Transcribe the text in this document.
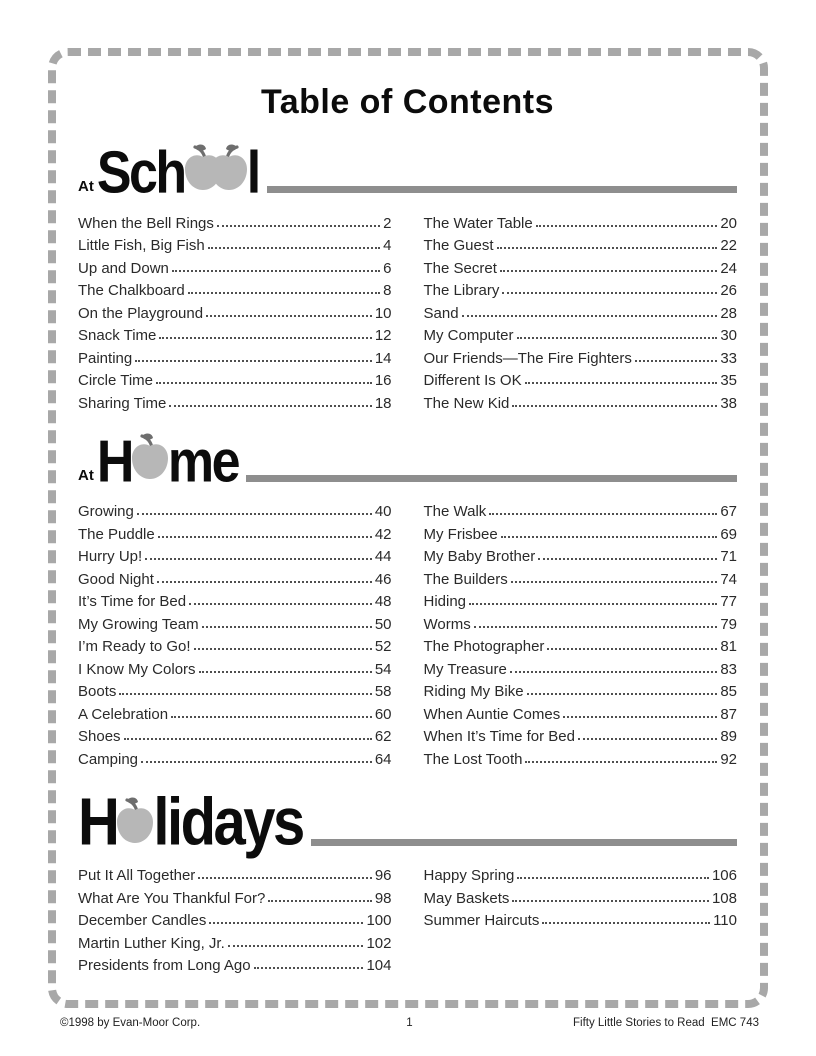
Table of Contents
At Sch l
When the Bell Rings	2
Little Fish, Big Fish	4
Up and Down	6
The Chalkboard	8
On the Playground	10
Snack Time	12
Painting	14
Circle Time	16
Sharing Time	18
The Water Table	20
The Guest	22
The Secret	24
The Library	26
Sand	28
My Computer	30
Our Friends—The Fire Fighters	33
Different Is OK	35
The New Kid	38
At H me
Growing	40
The Puddle	42
Hurry Up!	44
Good Night	46
It’s Time for Bed	48
My Growing Team	50
I’m Ready to Go!	52
I Know My Colors	54
Boots	58
A Celebration	60
Shoes	62
Camping	64
The Walk	67
My Frisbee	69
My Baby Brother	71
The Builders	74
Hiding	77
Worms	79
The Photographer	81
My Treasure	83
Riding My Bike	85
When Auntie Comes	87
When It’s Time for Bed	89
The Lost Tooth	92
H lidays
Put It All Together	96
What Are You Thankful For?	98
December Candles	100
Martin Luther King, Jr.	102
Presidents from Long Ago	104
Happy Spring	106
May Baskets	108
Summer Haircuts	110
©1998 by Evan-Moor Corp.	1	Fifty Little Stories to Read  EMC 743
